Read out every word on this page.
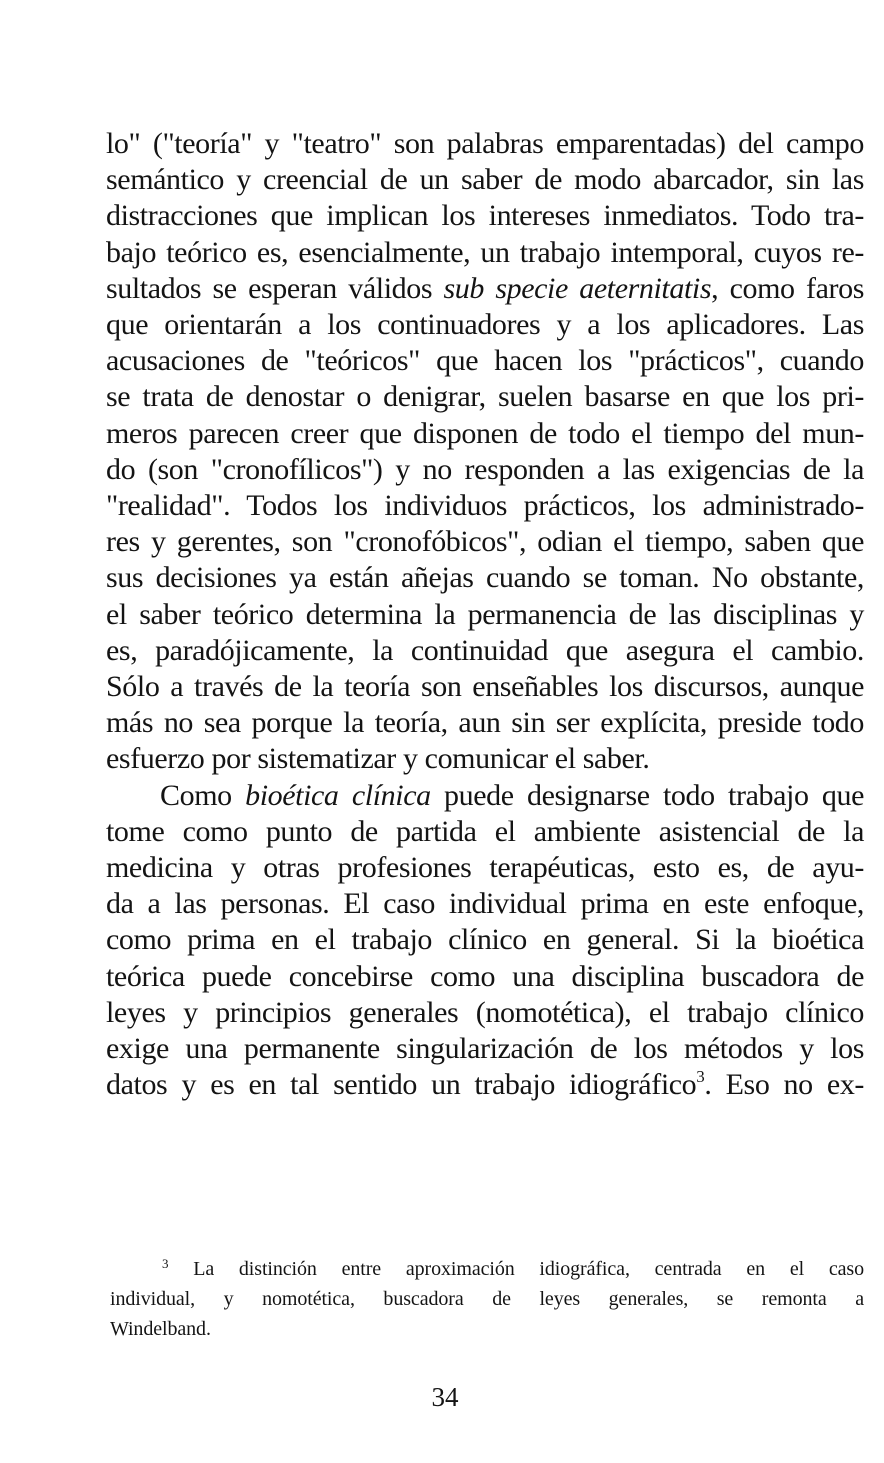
lo" ("teoría" y "teatro" son palabras emparentadas) del campo
semántico y creencial de un saber de modo abarcador, sin las
distracciones que implican los intereses inmediatos. Todo tra-
bajo teórico es, esencialmente, un trabajo intemporal, cuyos re-
sultados se esperan válidos sub specie aeternitatis, como faros
que orientarán a los continuadores y a los aplicadores. Las
acusaciones de "teóricos" que hacen los "prácticos", cuando
se trata de denostar o denigrar, suelen basarse en que los pri-
meros parecen creer que disponen de todo el tiempo del mun-
do (son "cronofílicos") y no responden a las exigencias de la
"realidad". Todos los individuos prácticos, los administrado-
res y gerentes, son "cronofóbicos", odian el tiempo, saben que
sus decisiones ya están añejas cuando se toman. No obstante,
el saber teórico determina la permanencia de las disciplinas y
es, paradójicamente, la continuidad que asegura el cambio.
Sólo a través de la teoría son enseñables los discursos, aunque
más no sea porque la teoría, aun sin ser explícita, preside todo
esfuerzo por sistematizar y comunicar el saber.

Como bioética clínica puede designarse todo trabajo que
tome como punto de partida el ambiente asistencial de la
medicina y otras profesiones terapéuticas, esto es, de ayu-
da a las personas. El caso individual prima en este enfoque,
como prima en el trabajo clínico en general. Si la bioética
teórica puede concebirse como una disciplina buscadora de
leyes y principios generales (nomotética), el trabajo clínico
exige una permanente singularización de los métodos y los
datos y es en tal sentido un trabajo idiográfico$^3$. Eso no ex-

$^3$ La distinción entre aproximación idiográfica, centrada en el caso
individual, y nomotética, buscadora de leyes generales, se remonta a
Windelband.
34
